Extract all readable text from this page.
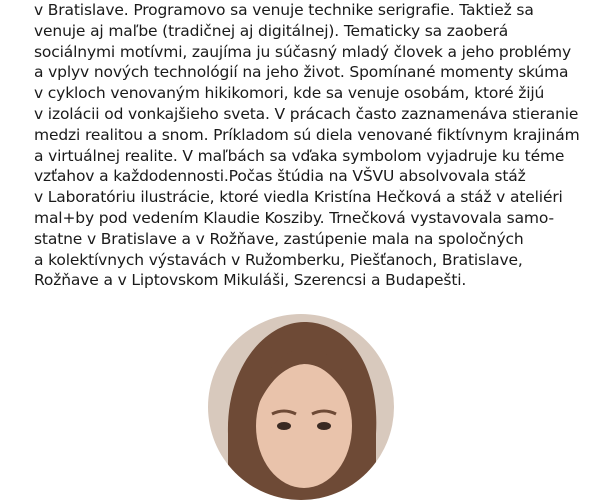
v Bratislave. Programovo sa venuje technike serigrafie. Taktiež sa
venuje aj maľbe (tradičnej aj digitálnej). Tematicky sa zaoberá
sociálnymi motívmi, zaujíma ju súčasný mladý človek a jeho problémy
a vplyv nových technológií na jeho život. Spomínané momenty skúma
v cykloch venovaným hikikomori, kde sa venuje osobám, ktoré žijú
v izolácii od vonkajšieho sveta. V prácach často zaznamenáva stieranie
medzi realitou a snom. Príkladom sú diela venované fiktívnym krajinám
a virtuálnej realite. V maľbách sa vďaka symbolom vyjadruje ku téme
vzťahov a každodennosti.Počas štúdia na VŠVU absolvovala stáž
v Laboratóriu ilustrácie, ktoré viedla Kristína Hečková a stáž v ateliéri
mal+by pod vedením Klaudie Kosziby. Trnečková vystavovala samo-
statne v Bratislave a v Rožňave, zastúpenie mala na spoločných
a kolektívnych výstavách v Ružomberku, Piešťanoch, Bratislave,
Rožňave a v Liptovskom Mikuláši, Szerencsi a Budapešti.
